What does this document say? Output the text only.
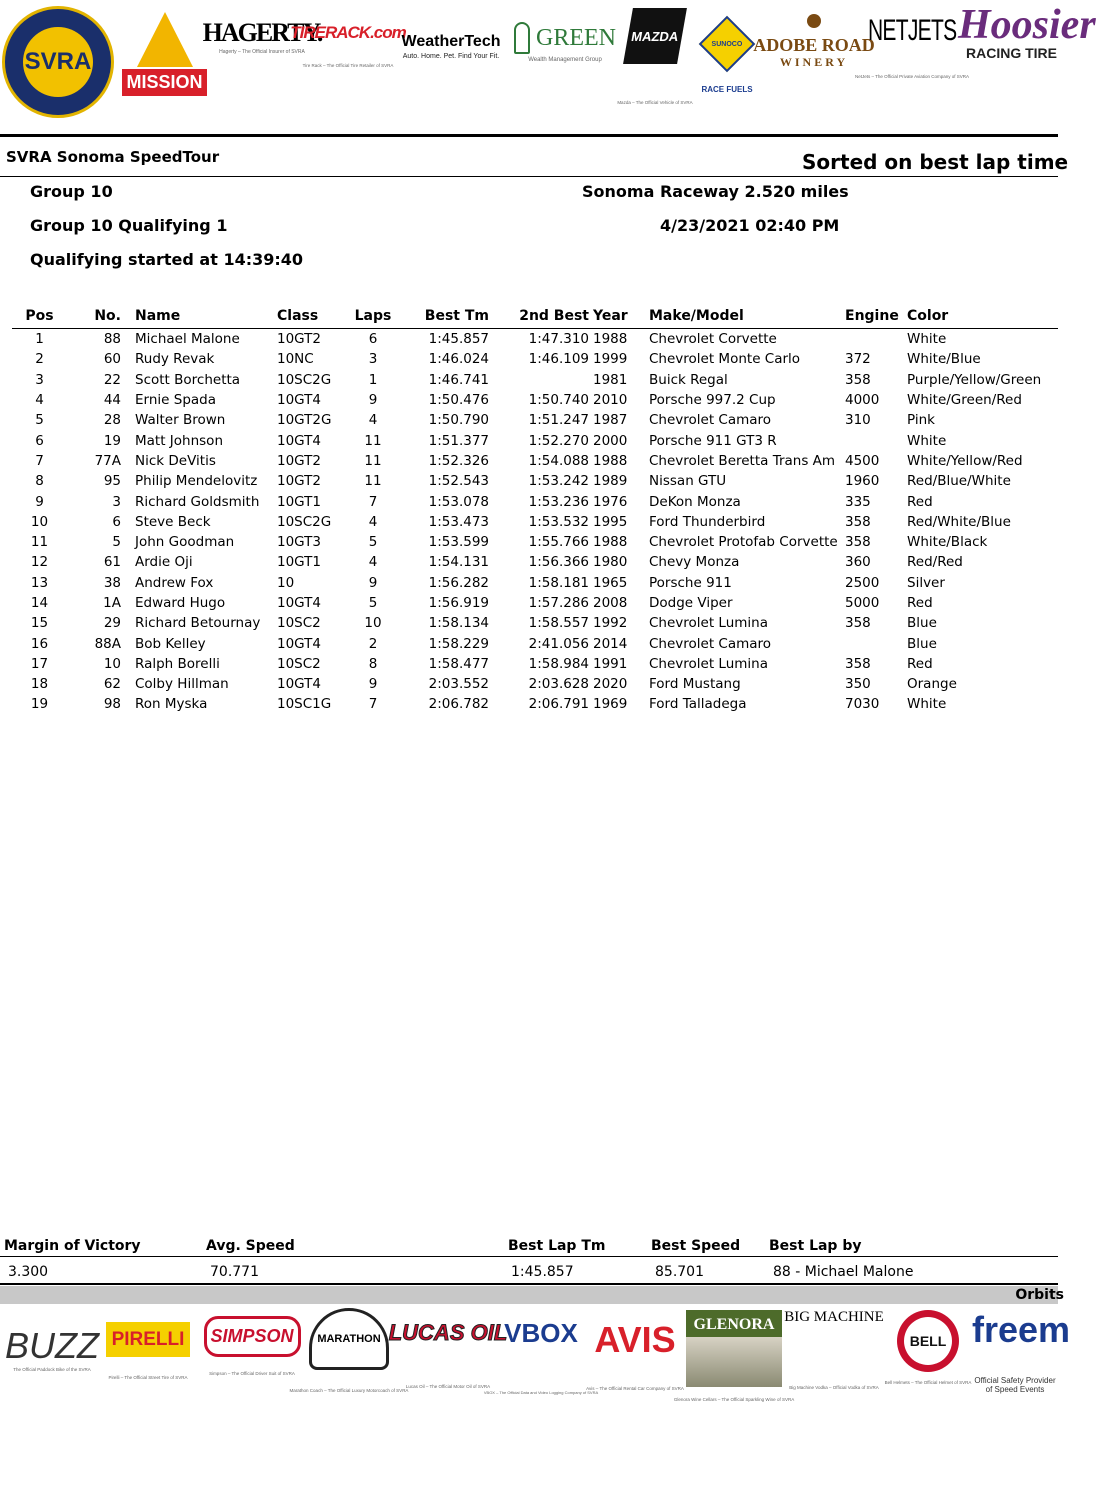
SVRA
MISSION
HAGERTY.
Hagerty – The Official Insurer of SVRA
TIRERACK.com
Tire Rack – The Official Tire Retailer of SVRA
WeatherTech
Auto. Home. Pet. Find Your Fit.
GREEN
Wealth Management Group
MAZDA
Mazda – The Official Vehicle of SVRA
SUNOCO
RACE FUELS
ADOBE ROAD
WINERY
NETJETS
NetJets – The Official Private Aviation Company of SVRA
Hoosier
RACING TIRE
SVRA Sonoma SpeedTour	Sorted on best lap time
Group 10	Sonoma Raceway 2.520 miles
Group 10 Qualifying 1	4/23/2021 02:40 PM
Qualifying started at 14:39:40
Pos	No.	Name	Class	Laps	Best Tm	2nd Best	Year	Make/Model	Engine	Color
1	88	Michael Malone	10GT2	6	1:45.857	1:47.310	1988	Chevrolet Corvette		White
2	60	Rudy Revak	10NC	3	1:46.024	1:46.109	1999	Chevrolet Monte Carlo	372	White/Blue
3	22	Scott Borchetta	10SC2G	1	1:46.741		1981	Buick Regal	358	Purple/Yellow/Green
4	44	Ernie Spada	10GT4	9	1:50.476	1:50.740	2010	Porsche 997.2 Cup	4000	White/Green/Red
5	28	Walter Brown	10GT2G	4	1:50.790	1:51.247	1987	Chevrolet Camaro	310	Pink
6	19	Matt Johnson	10GT4	11	1:51.377	1:52.270	2000	Porsche 911 GT3 R		White
7	77A	Nick DeVitis	10GT2	11	1:52.326	1:54.088	1988	Chevrolet Beretta Trans Am	4500	White/Yellow/Red
8	95	Philip Mendelovitz	10GT2	11	1:52.543	1:53.242	1989	Nissan GTU	1960	Red/Blue/White
9	3	Richard Goldsmith	10GT1	7	1:53.078	1:53.236	1976	DeKon Monza	335	Red
10	6	Steve Beck	10SC2G	4	1:53.473	1:53.532	1995	Ford Thunderbird	358	Red/White/Blue
11	5	John Goodman	10GT3	5	1:53.599	1:55.766	1988	Chevrolet Protofab Corvette	358	White/Black
12	61	Ardie Oji	10GT1	4	1:54.131	1:56.366	1980	Chevy Monza	360	Red/Red
13	38	Andrew Fox	10	9	1:56.282	1:58.181	1965	Porsche 911	2500	Silver
14	1A	Edward Hugo	10GT4	5	1:56.919	1:57.286	2008	Dodge Viper	5000	Red
15	29	Richard Betournay	10SC2	10	1:58.134	1:58.557	1992	Chevrolet Lumina	358	Blue
16	88A	Bob Kelley	10GT4	2	1:58.229	2:41.056	2014	Chevrolet Camaro		Blue
17	10	Ralph Borelli	10SC2	8	1:58.477	1:58.984	1991	Chevrolet Lumina	358	Red
18	62	Colby Hillman	10GT4	9	2:03.552	2:03.628	2020	Ford Mustang	350	Orange
19	98	Ron Myska	10SC1G	7	2:06.782	2:06.791	1969	Ford Talladega	7030	White
Margin of Victory	Avg. Speed	Best Lap Tm	Best Speed Best Lap by
3.300	70.771	1:45.857	85.701	88 - Michael Malone
Orbits
BUZZ
The Official Paddock Bike of the SVRA
PIRELLI
Pirelli – The Official Street Tire of SVRA
SIMPSON
Simpson – The Official Driver Suit of SVRA
MARATHON
Marathon Coach – The Official Luxury Motorcoach of SVRA
LUCAS OIL
Lucas Oil – The Official Motor Oil of SVRA
VBOX
VBOX – The Official Data and Video Logging Company of SVRA
AVIS
Avis – The Official Rental Car Company of SVRA
GLENORA
Glenora Wine Cellars – The Official Sparkling Wine of SVRA
BIG MACHINE
Big Machine Vodka – Official Vodka of SVRA
BELL
Bell Helmets – The Official Helmet of SVRA
freem
Official Safety Provider of Speed Events
